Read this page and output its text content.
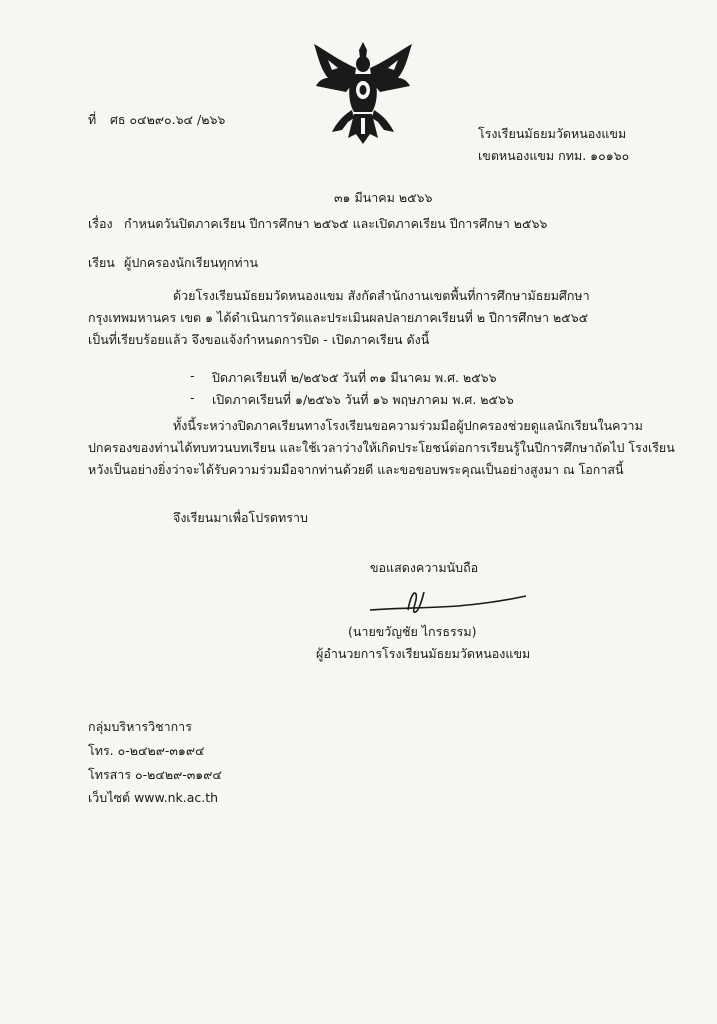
ที่ ศธ ๐๔๒๙๐.๖๔ /๒๖๖
โรงเรียนมัธยมวัดหนองแขม
เขตหนองแขม กทม. ๑๐๑๖๐
๓๑ มีนาคม ๒๕๖๖
เรื่อง กำหนดวันปิดภาคเรียน ปีการศึกษา ๒๕๖๕ และเปิดภาคเรียน ปีการศึกษา ๒๕๖๖
เรียน ผู้ปกครองนักเรียนทุกท่าน
ด้วยโรงเรียนมัธยมวัดหนองแขม สังกัดสำนักงานเขตพื้นที่การศึกษามัธยมศึกษา
กรุงเทพมหานคร เขต ๑ ได้ดำเนินการวัดและประเมินผลปลายภาคเรียนที่ ๒ ปีการศึกษา ๒๕๖๕
เป็นที่เรียบร้อยแล้ว จึงขอแจ้งกำหนดการปิด - เปิดภาคเรียน ดังนี้
- ปิดภาคเรียนที่ ๒/๒๕๖๕ วันที่ ๓๑ มีนาคม พ.ศ. ๒๕๖๖
- เปิดภาคเรียนที่ ๑/๒๕๖๖ วันที่ ๑๖ พฤษภาคม พ.ศ. ๒๕๖๖
ทั้งนี้ระหว่างปิดภาคเรียนทางโรงเรียนขอความร่วมมือผู้ปกครองช่วยดูแลนักเรียนในความ
ปกครองของท่านได้ทบทวนบทเรียน และใช้เวลาว่างให้เกิดประโยชน์ต่อการเรียนรู้ในปีการศึกษาถัดไป โรงเรียน
หวังเป็นอย่างยิ่งว่าจะได้รับความร่วมมือจากท่านด้วยดี และขอขอบพระคุณเป็นอย่างสูงมา ณ โอกาสนี้
จึงเรียนมาเพื่อโปรดทราบ
ขอแสดงความนับถือ
(นายขวัญชัย ไกรธรรม)
ผู้อำนวยการโรงเรียนมัธยมวัดหนองแขม
กลุ่มบริหารวิชาการ
โทร. ๐-๒๔๒๙-๓๑๙๔
โทรสาร ๐-๒๔๒๙-๓๑๙๔
เว็บไซต์ www.nk.ac.th
